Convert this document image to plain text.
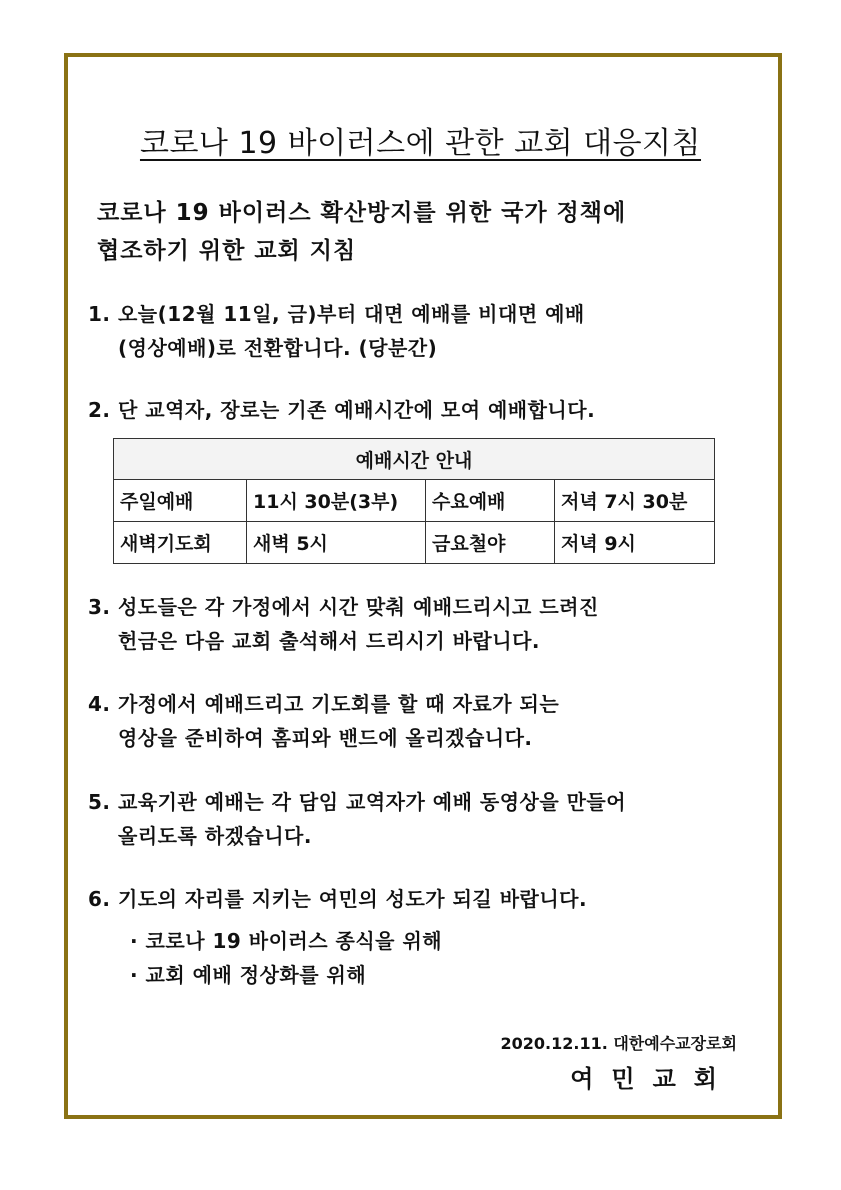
코로나 19 바이러스에 관한 교회 대응지침
코로나 19 바이러스 확산방지를 위한 국가 정책에
협조하기 위한 교회 지침
1. 오늘(12월 11일, 금)부터 대면 예배를 비대면 예배
(영상예배)로 전환합니다. (당분간)
2. 단 교역자, 장로는 기존 예배시간에 모여 예배합니다.
예배시간 안내			
주일예배	11시 30분(3부)	수요예배	저녁 7시 30분
새벽기도회	새벽 5시	금요철야	저녁 9시
3. 성도들은 각 가정에서 시간 맞춰 예배드리시고 드려진
헌금은 다음 교회 출석해서 드리시기 바랍니다.
4. 가정에서 예배드리고 기도회를 할 때 자료가 되는
영상을 준비하여 홈피와 밴드에 올리겠습니다.
5. 교육기관 예배는 각 담임 교역자가 예배 동영상을 만들어
올리도록 하겠습니다.
6. 기도의 자리를 지키는 여민의 성도가 되길 바랍니다.
· 코로나 19 바이러스 종식을 위해
· 교회 예배 정상화를 위해
2020.12.11. 대한예수교장로회
여민교회
